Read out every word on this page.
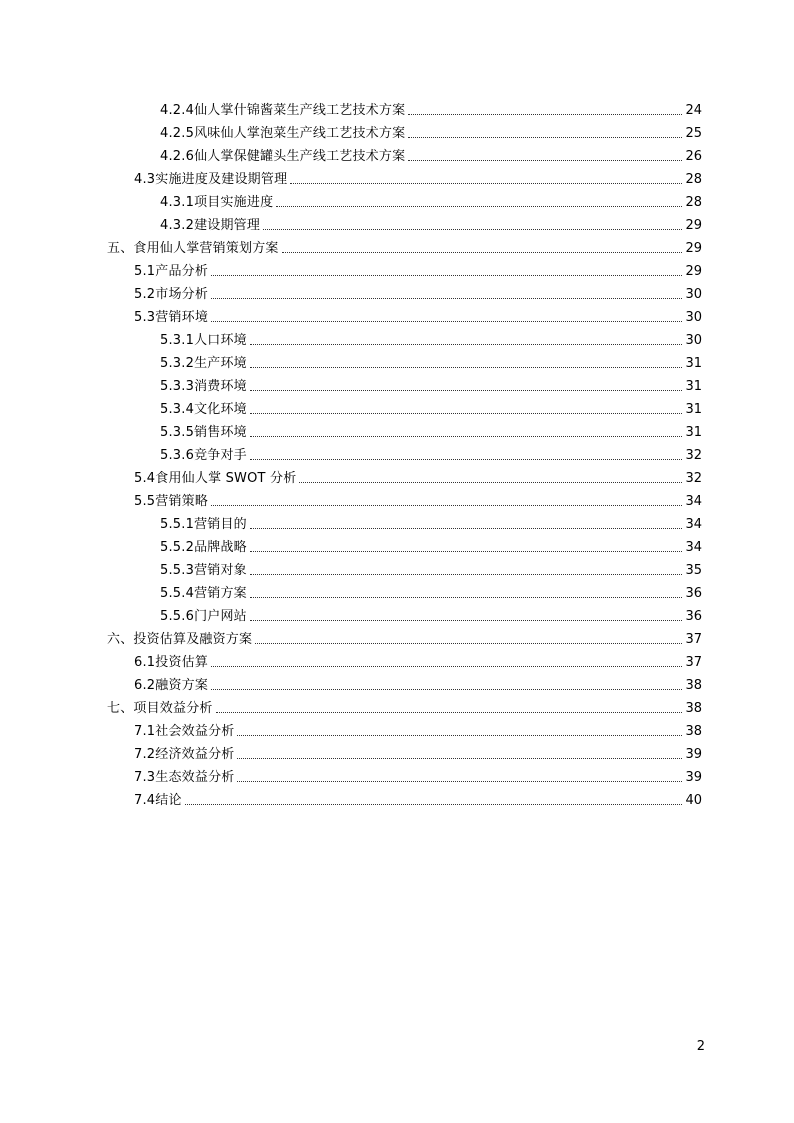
4.2.4仙人掌什锦酱菜生产线工艺技术方案	24
4.2.5风味仙人掌泡菜生产线工艺技术方案	25
4.2.6仙人掌保健罐头生产线工艺技术方案	26
4.3实施进度及建设期管理	28
4.3.1项目实施进度	28
4.3.2建设期管理	29
五、食用仙人掌营销策划方案	29
5.1产品分析	29
5.2市场分析	30
5.3营销环境	30
5.3.1人口环境	30
5.3.2生产环境	31
5.3.3消费环境	31
5.3.4文化环境	31
5.3.5销售环境	31
5.3.6竞争对手	32
5.4食用仙人掌 SWOT 分析	32
5.5营销策略	34
5.5.1营销目的	34
5.5.2品牌战略	34
5.5.3营销对象	35
5.5.4营销方案	36
5.5.6门户网站	36
六、投资估算及融资方案	37
6.1投资估算	37
6.2融资方案	38
七、项目效益分析	38
7.1社会效益分析	38
7.2经济效益分析	39
7.3生态效益分析	39
7.4结论	40
2
